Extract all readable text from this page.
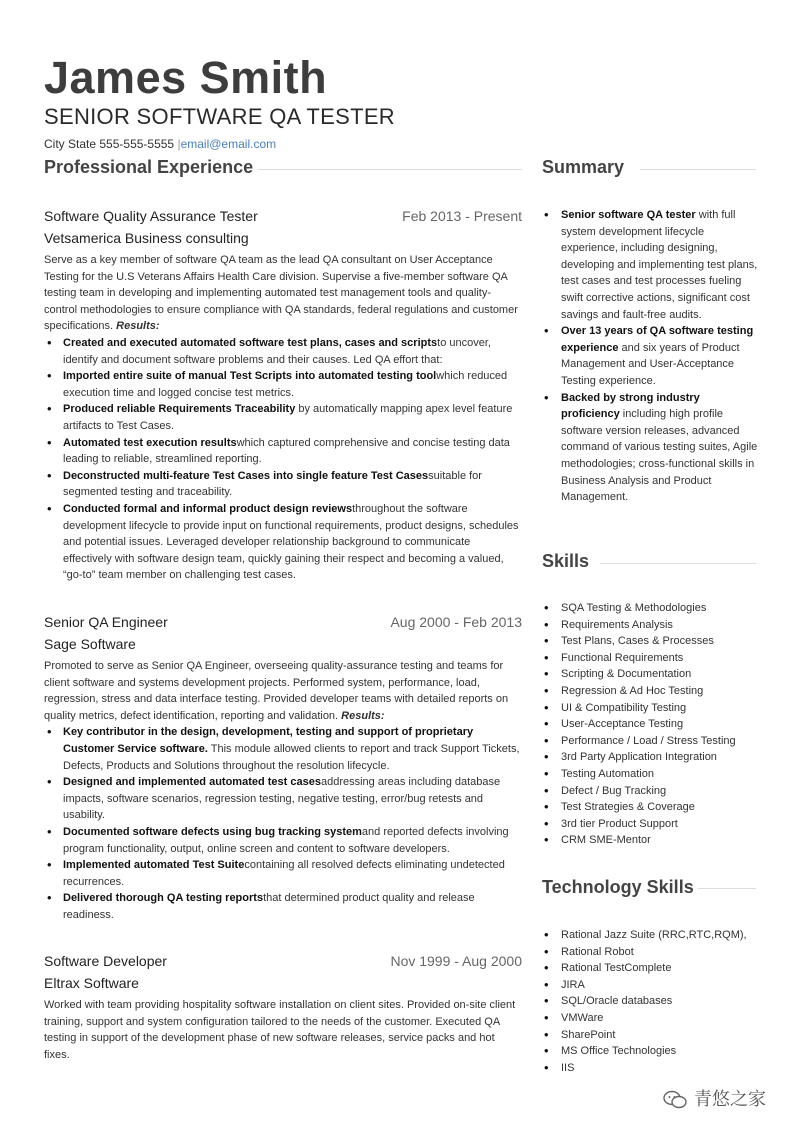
James Smith
SENIOR SOFTWARE QA TESTER
City State 555-555-5555 |email@email.com
Professional Experience	Summary
Software Quality Assurance Tester	Feb 2013 - Present
Vetsamerica Business consulting
Serve as a key member of software QA team as the lead QA consultant on User Acceptance Testing for the U.S Veterans Affairs Health Care division. Supervise a five-member software QA testing team in developing and implementing automated test management tools and quality-control methodologies to ensure compliance with QA standards, federal regulations and customer specifications. Results:
• Created and executed automated software test plans, cases and scriptsto uncover, identify and document software problems and their causes. Led QA effort that:
• Imported entire suite of manual Test Scripts into automated testing toolwhich reduced execution time and logged concise test metrics.
• Produced reliable Requirements Traceability by automatically mapping apex level feature artifacts to Test Cases.
• Automated test execution resultswhich captured comprehensive and concise testing data leading to reliable, streamlined reporting.
• Deconstructed multi-feature Test Cases into single feature Test Casessuitable for segmented testing and traceability.
• Conducted formal and informal product design reviewsthroughout the software development lifecycle to provide input on functional requirements, product designs, schedules and potential issues. Leveraged developer relationship background to communicate effectively with software design team, quickly gaining their respect and becoming a valued, “go-to” team member on challenging test cases.
Senior QA Engineer	Aug 2000 - Feb 2013
Sage Software
Promoted to serve as Senior QA Engineer, overseeing quality-assurance testing and teams for client software and systems development projects. Performed system, performance, load, regression, stress and data interface testing. Provided developer teams with detailed reports on quality metrics, defect identification, reporting and validation. Results:
• Key contributor in the design, development, testing and support of proprietary Customer Service software. This module allowed clients to report and track Support Tickets, Defects, Products and Solutions throughout the resolution lifecycle.
• Designed and implemented automated test casesaddressing areas including database impacts, software scenarios, regression testing, negative testing, error/bug retests and usability.
• Documented software defects using bug tracking systemand reported defects involving program functionality, output, online screen and content to software developers.
• Implemented automated Test Suitecontaining all resolved defects eliminating undetected recurrences.
• Delivered thorough QA testing reportsthat determined product quality and release readiness.
Software Developer	Nov 1999 - Aug 2000
Eltrax Software
Worked with team providing hospitality software installation on client sites. Provided on-site client training, support and system configuration tailored to the needs of the customer. Executed QA testing in support of the development phase of new software releases, service packs and hot fixes.
• Senior software QA tester with full system development lifecycle experience, including designing, developing and implementing test plans, test cases and test processes fueling swift corrective actions, significant cost savings and fault-free audits.
• Over 13 years of QA software testing experience and six years of Product Management and User-Acceptance Testing experience.
• Backed by strong industry proficiency including high profile software version releases, advanced command of various testing suites, Agile methodologies; cross-functional skills in Business Analysis and Product Management.
Skills
• SQA Testing & Methodologies
• Requirements Analysis
• Test Plans, Cases & Processes
• Functional Requirements
• Scripting & Documentation
• Regression & Ad Hoc Testing
• UI & Compatibility Testing
• User-Acceptance Testing
• Performance / Load / Stress Testing
• 3rd Party Application Integration
• Testing Automation
• Defect / Bug Tracking
• Test Strategies & Coverage
• 3rd tier Product Support
• CRM SME-Mentor
Technology Skills
• Rational Jazz Suite (RRC,RTC,RQM),
• Rational Robot
• Rational TestComplete
• JIRA
• SQL/Oracle databases
• VMWare
• SharePoint
• MS Office Technologies
• IIS
青悠之家
